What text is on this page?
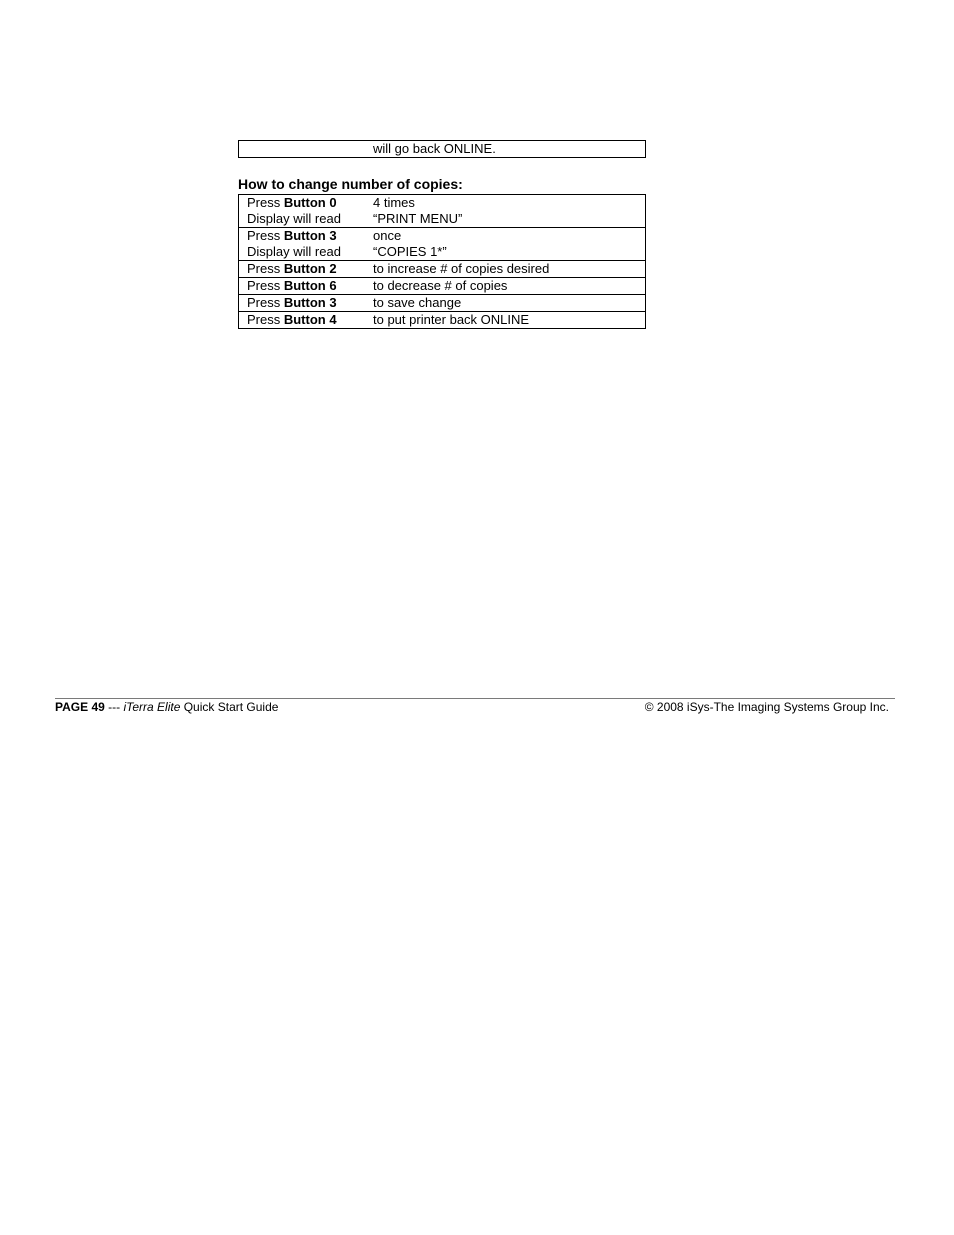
will go back ONLINE.
How to change number of copies:
Press Button 0	4 times
Display will read “PRINT MENU”
Press Button 3	once
Display will read “COPIES 1*”
Press Button 2	to increase # of copies desired
Press Button 6	to decrease # of copies
Press Button 3	to save change
Press Button 4	to put printer back ONLINE
PAGE 49 --- iTerra Elite Quick Start Guide	© 2008 iSys-The Imaging Systems Group Inc.
